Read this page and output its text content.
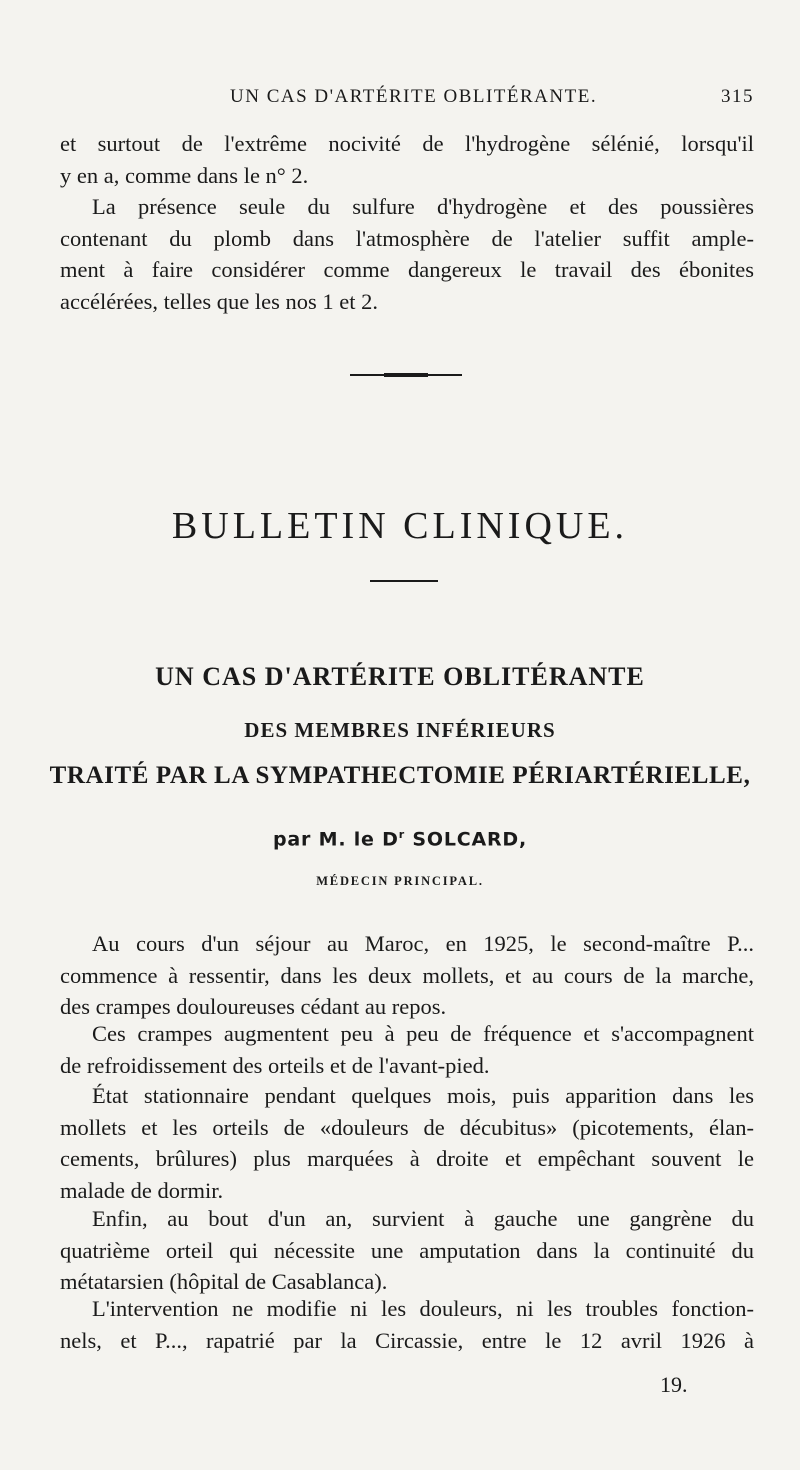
UN CAS D'ARTÉRITE OBLITÉRANTE.	315
et surtout de l'extrême nocivité de l'hydrogène sélénié, lorsqu'il
y en a, comme dans le n° 2.
La présence seule du sulfure d'hydrogène et des poussières
contenant du plomb dans l'atmosphère de l'atelier suffit ample-
ment à faire considérer comme dangereux le travail des ébonites
accélérées, telles que les nos 1 et 2.
BULLETIN CLINIQUE.
UN CAS D'ARTÉRITE OBLITÉRANTE
DES MEMBRES INFÉRIEURS
TRAITÉ PAR LA SYMPATHECTOMIE PÉRIARTÉRIELLE,
par M. le $D^r$ SOLCARD,
MÉDECIN PRINCIPAL.
Au cours d'un séjour au Maroc, en 1925, le second-maître P...
commence à ressentir, dans les deux mollets, et au cours de la marche,
des crampes douloureuses cédant au repos.
Ces crampes augmentent peu à peu de fréquence et s'accompagnent
de refroidissement des orteils et de l'avant-pied.
État stationnaire pendant quelques mois, puis apparition dans les
mollets et les orteils de «douleurs de décubitus» (picotements, élan-
cements, brûlures) plus marquées à droite et empêchant souvent le
malade de dormir.
Enfin, au bout d'un an, survient à gauche une gangrène du
quatrième orteil qui nécessite une amputation dans la continuité du
métatarsien (hôpital de Casablanca).
L'intervention ne modifie ni les douleurs, ni les troubles fonction-
nels, et P..., rapatrié par la Circassie, entre le 12 avril 1926 à
19.
